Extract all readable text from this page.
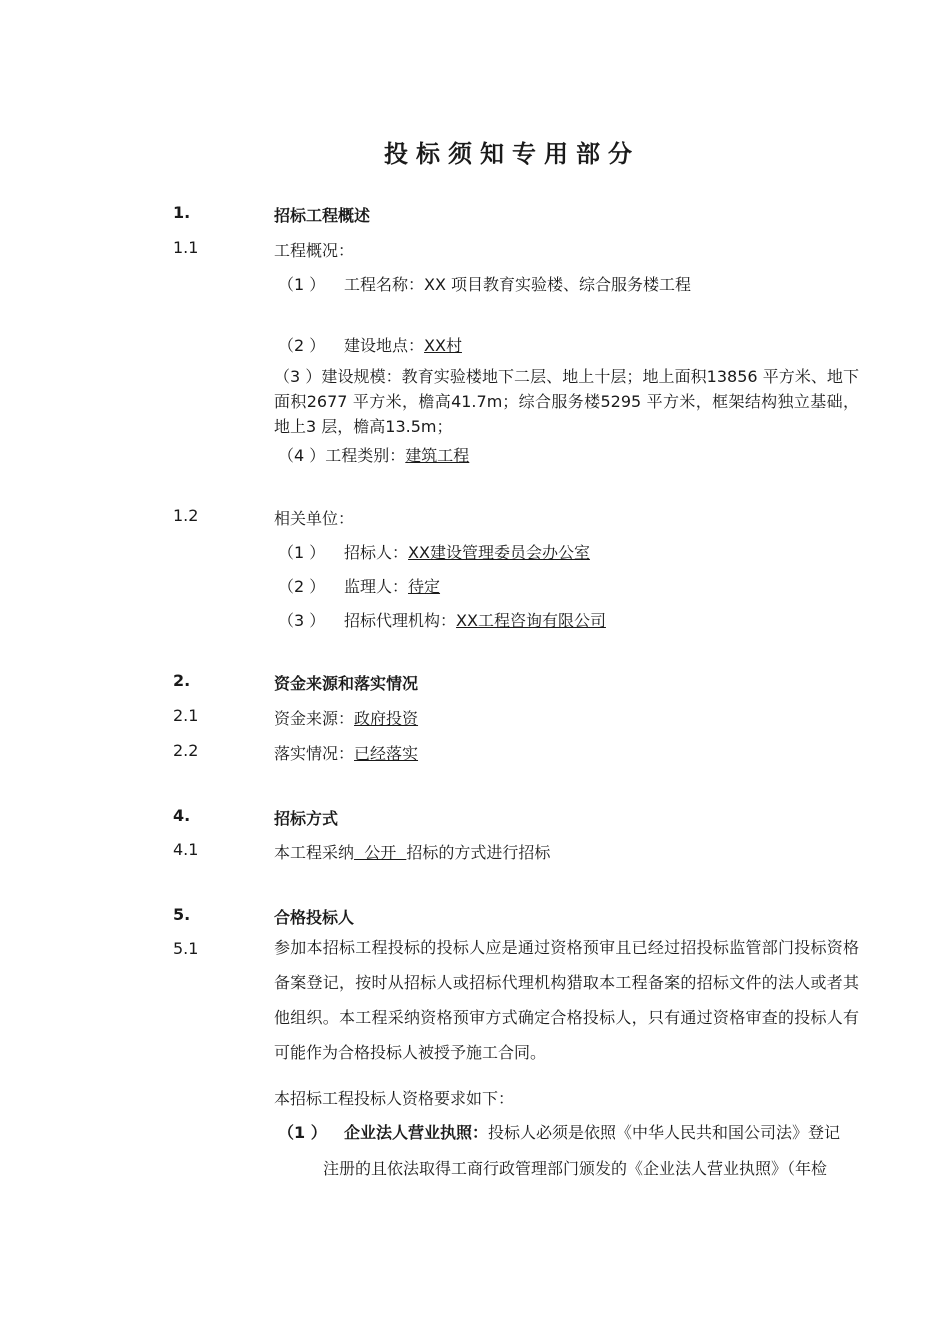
投标须知专用部分
1.	招标工程概述
1.1	工程概况：
（1 ） 工程名称：XX 项目教育实验楼、综合服务楼工程
（2 ） 建设地点：XX村
（3 ）建设规模：教育实验楼地下二层、地上十层；地上面积13856 平方米、地下面积2677 平方米，檐高41.7m；综合服务楼5295 平方米，框架结构独立基础，地上3 层，檐高13.5m；
（4 ）工程类别：建筑工程
1.2	相关单位：
（1 ） 招标人：XX建设管理委员会办公室
（2 ） 监理人：待定
（3 ） 招标代理机构：XX工程咨询有限公司
2.	资金来源和落实情况
2.1	资金来源：政府投资
2.2	落实情况：已经落实
4.	招标方式
4.1	本工程采纳  公开  招标的方式进行招标
5.	合格投标人
5.1	参加本招标工程投标的投标人应是通过资格预审且已经过招投标监管部门投标资格备案登记，按时从招标人或招标代理机构猎取本工程备案的招标文件的法人或者其他组织。本工程采纳资格预审方式确定合格投标人，只有通过资格审查的投标人有可能作为合格投标人被授予施工合同。
本招标工程投标人资格要求如下：
（1 ） 企业法人营业执照：投标人必须是依照《中华人民共和国公司法》登记
注册的且依法取得工商行政管理部门颁发的《企业法人营业执照》（年检
